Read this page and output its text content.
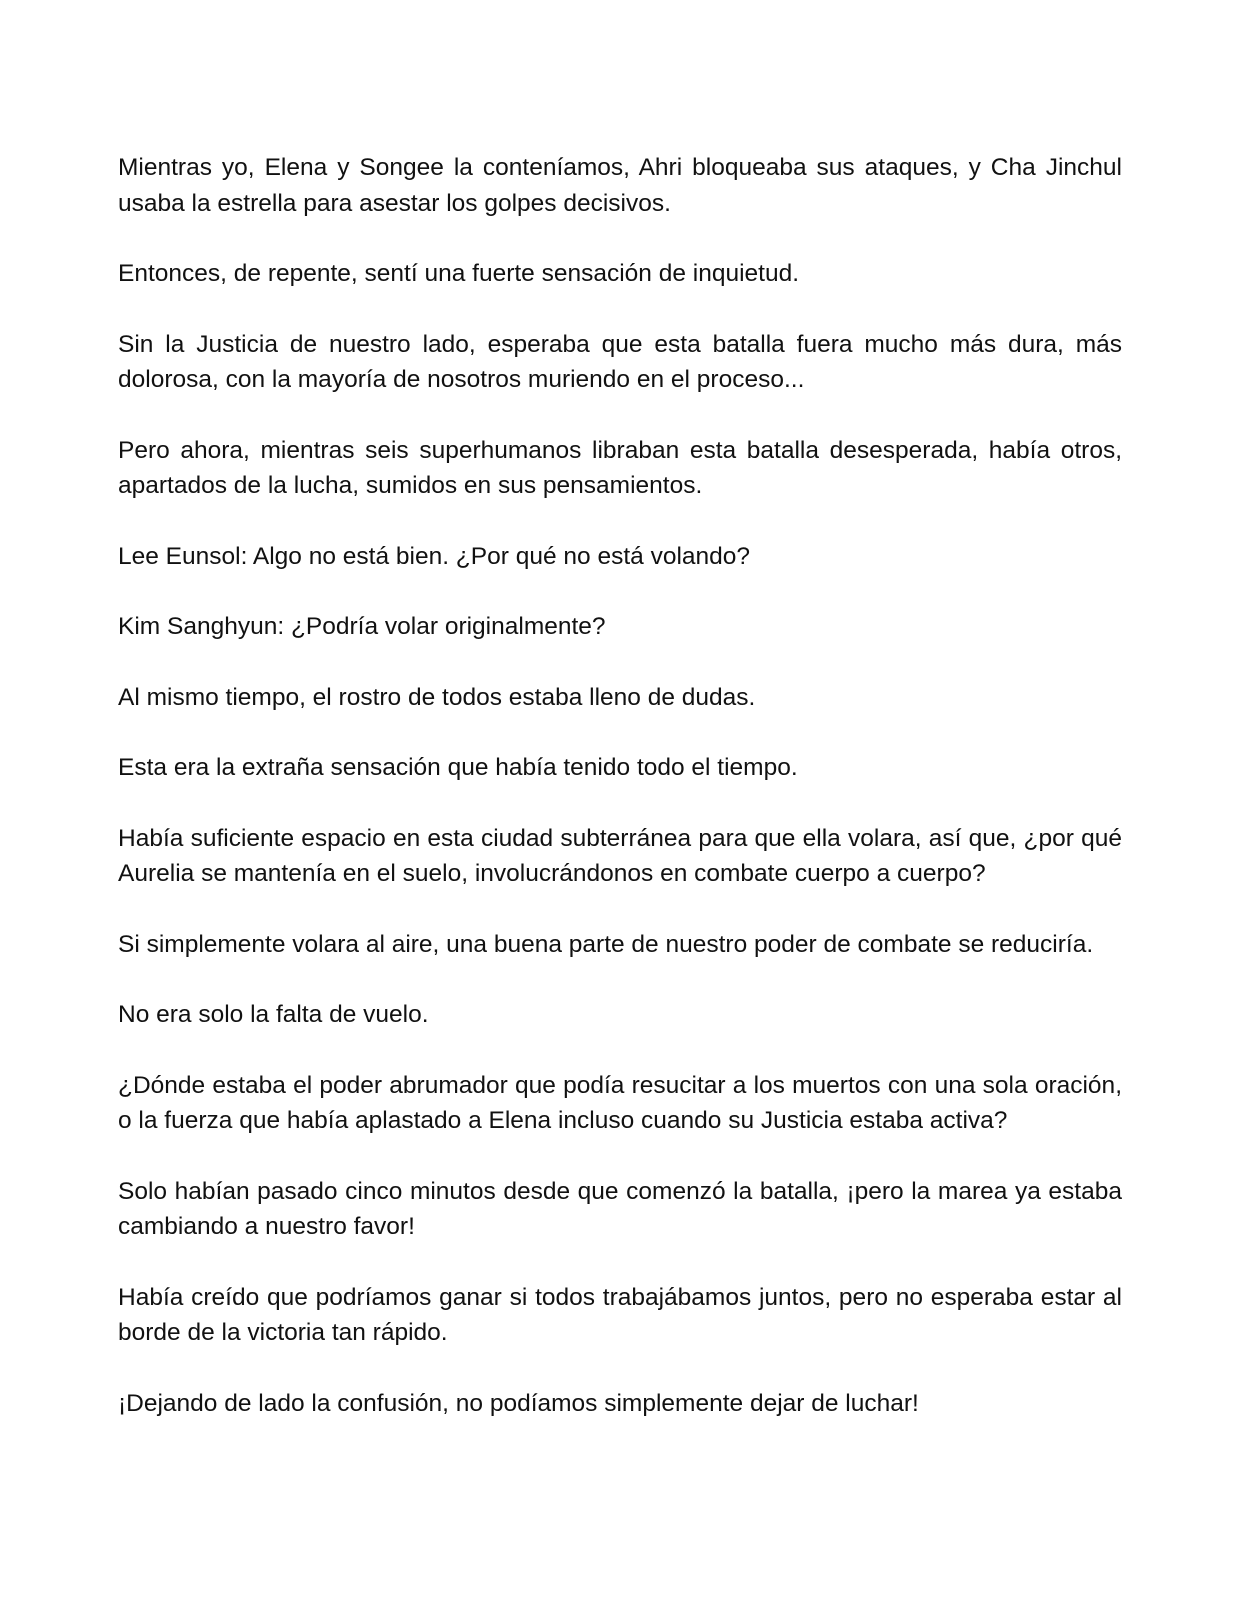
Mientras yo, Elena y Songee la conteníamos, Ahri bloqueaba sus ataques, y Cha Jinchul usaba la estrella para asestar los golpes decisivos.

Entonces, de repente, sentí una fuerte sensación de inquietud.

Sin la Justicia de nuestro lado, esperaba que esta batalla fuera mucho más dura, más dolorosa, con la mayoría de nosotros muriendo en el proceso...

Pero ahora, mientras seis superhumanos libraban esta batalla desesperada, había otros, apartados de la lucha, sumidos en sus pensamientos.

Lee Eunsol: Algo no está bien. ¿Por qué no está volando?

Kim Sanghyun: ¿Podría volar originalmente?

Al mismo tiempo, el rostro de todos estaba lleno de dudas.

Esta era la extraña sensación que había tenido todo el tiempo.

Había suficiente espacio en esta ciudad subterránea para que ella volara, así que, ¿por qué Aurelia se mantenía en el suelo, involucrándonos en combate cuerpo a cuerpo?

Si simplemente volara al aire, una buena parte de nuestro poder de combate se reduciría.

No era solo la falta de vuelo.

¿Dónde estaba el poder abrumador que podía resucitar a los muertos con una sola oración, o la fuerza que había aplastado a Elena incluso cuando su Justicia estaba activa?

Solo habían pasado cinco minutos desde que comenzó la batalla, ¡pero la marea ya estaba cambiando a nuestro favor!

Había creído que podríamos ganar si todos trabajábamos juntos, pero no esperaba estar al borde de la victoria tan rápido.

¡Dejando de lado la confusión, no podíamos simplemente dejar de luchar!
